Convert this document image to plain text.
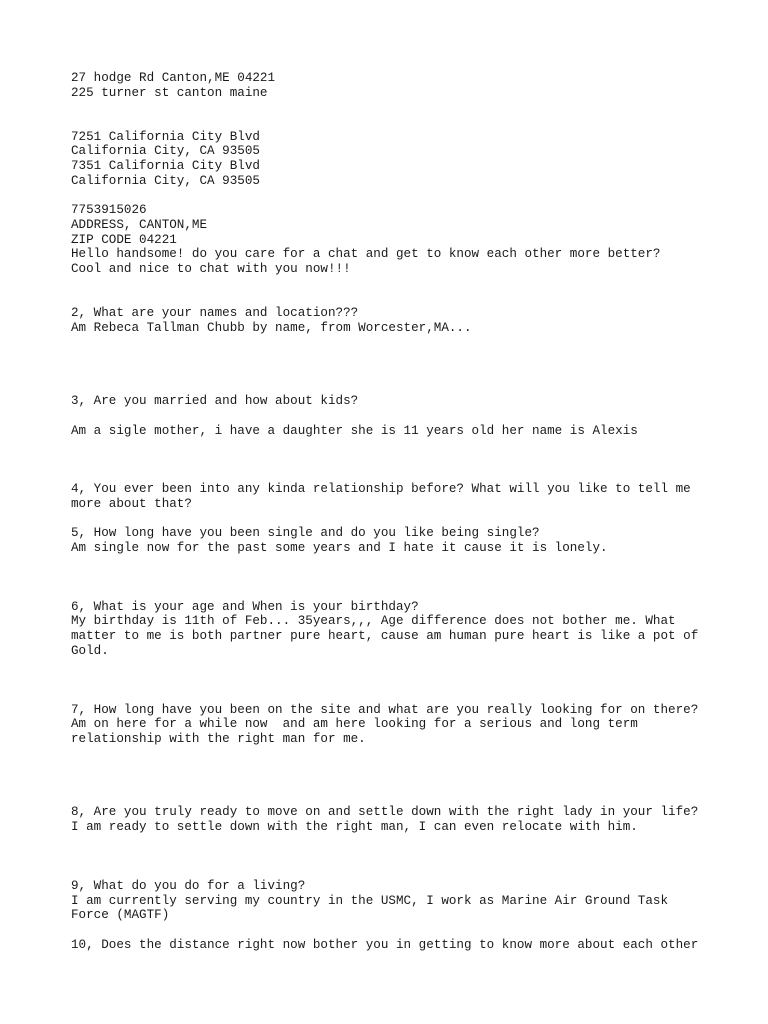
27 hodge Rd Canton,ME 04221
225 turner st canton maine
7251 California City Blvd
California City, CA 93505
7351 California City Blvd
California City, CA 93505
7753915026
ADDRESS, CANTON,ME
ZIP CODE 04221
Hello handsome! do you care for a chat and get to know each other more better?
Cool and nice to chat with you now!!!
2, What are your names and location???
Am Rebeca Tallman Chubb by name, from Worcester,MA...
3, Are you married and how about kids?
Am a sigle mother, i have a daughter she is 11 years old her name is Alexis
4, You ever been into any kinda relationship before? What will you like to tell me
more about that?
5, How long have you been single and do you like being single?
Am single now for the past some years and I hate it cause it is lonely.
6, What is your age and When is your birthday?
My birthday is 11th of Feb... 35years,,, Age difference does not bother me. What
matter to me is both partner pure heart, cause am human pure heart is like a pot of
Gold.
7, How long have you been on the site and what are you really looking for on there?
Am on here for a while now  and am here looking for a serious and long term
relationship with the right man for me.
8, Are you truly ready to move on and settle down with the right lady in your life?
I am ready to settle down with the right man, I can even relocate with him.
9, What do you do for a living?
I am currently serving my country in the USMC, I work as Marine Air Ground Task
Force (MAGTF)
10, Does the distance right now bother you in getting to know more about each other
